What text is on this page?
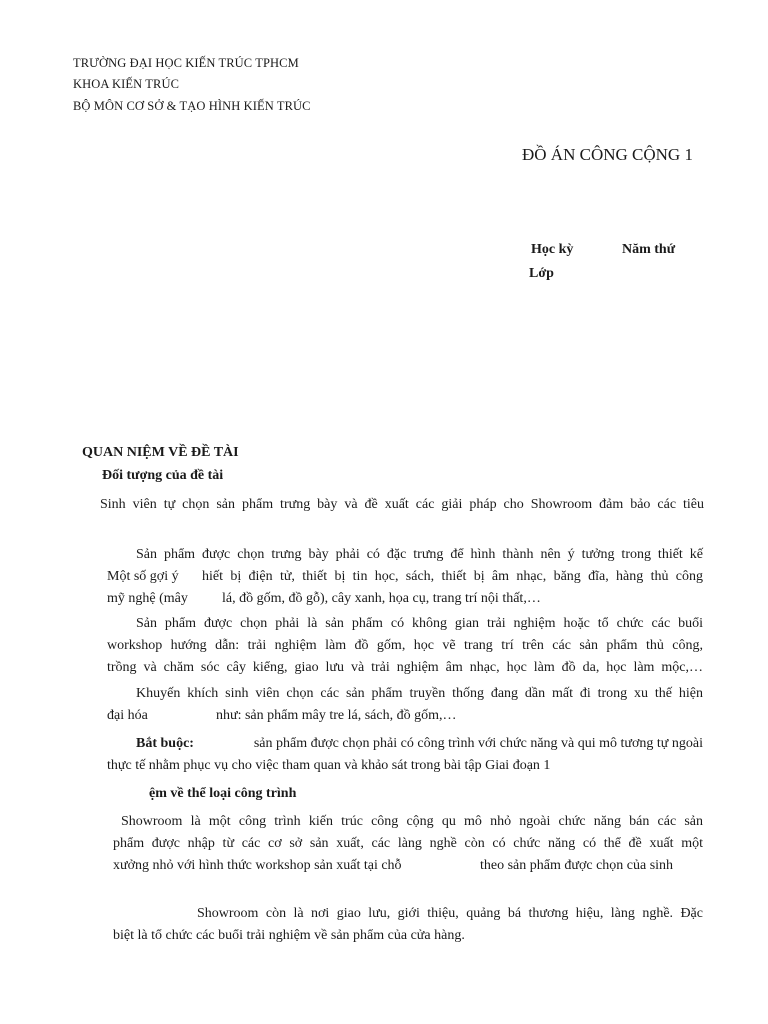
TRƯỜNG ĐẠI HỌC KIẾN TRÚC TPHCM
KHOA KIẾN TRÚC
BỘ MÔN CƠ SỞ & TẠO HÌNH KIẾN TRÚC
ĐỒ ÁN CÔNG CỘNG 1
Học kỳ	Năm thứ
Lớp
QUAN NIỆM VỀ ĐỀ TÀI
Đối tượng của đề tài
Sinh viên tự chọn sản phẩm trưng bày và đề xuất các giải pháp cho Showroom đảm bảo các tiêu
Sản phẩm được chọn trưng bày phải có đặc trưng để hình thành nên ý tưởng trong thiết kế
Một số gợi ý hiết bị điện tử, thiết bị tin học, sách, thiết bị âm nhạc, băng đĩa, hàng thủ công
mỹ nghệ (mây lá, đồ gốm, đồ gỗ), cây xanh, họa cụ, trang trí nội thất,…
Sản phẩm được chọn phải là sản phẩm có không gian trải nghiệm hoặc tổ chức các buổi
workshop hướng dẫn: trải nghiệm làm đồ gốm, học vẽ trang trí trên các sản phẩm thủ công,
trồng và chăm sóc cây kiểng, giao lưu và trải nghiệm âm nhạc, học làm đồ da, học làm mộc,…
Khuyến khích sinh viên chọn các sản phẩm truyền thống đang dần mất đi trong xu thế hiện
đại hóa	như: sản phẩm mây tre lá, sách, đồ gốm,…
Bắt buộc:	sản phẩm được chọn phải có công trình với chức năng và qui mô tương tự ngoài
thực tế nhằm phục vụ cho việc tham quan và khảo sát trong bài tập Giai đoạn 1
ệm về thể loại công trình
Showroom là một công trình kiến trúc công cộng qu mô nhỏ ngoài chức năng bán các sản
phẩm được nhập từ các cơ sở sản xuất, các làng nghề còn có chức năng có thể đề xuất một
xưởng nhỏ với hình thức workshop sản xuất tại chỗ	theo sản phẩm được chọn của sinh
Showroom còn là nơi giao lưu, giới thiệu, quảng bá thương hiệu, làng nghề. Đặc
biệt là tổ chức các buổi trải nghiệm về sản phẩm của cửa hàng.
